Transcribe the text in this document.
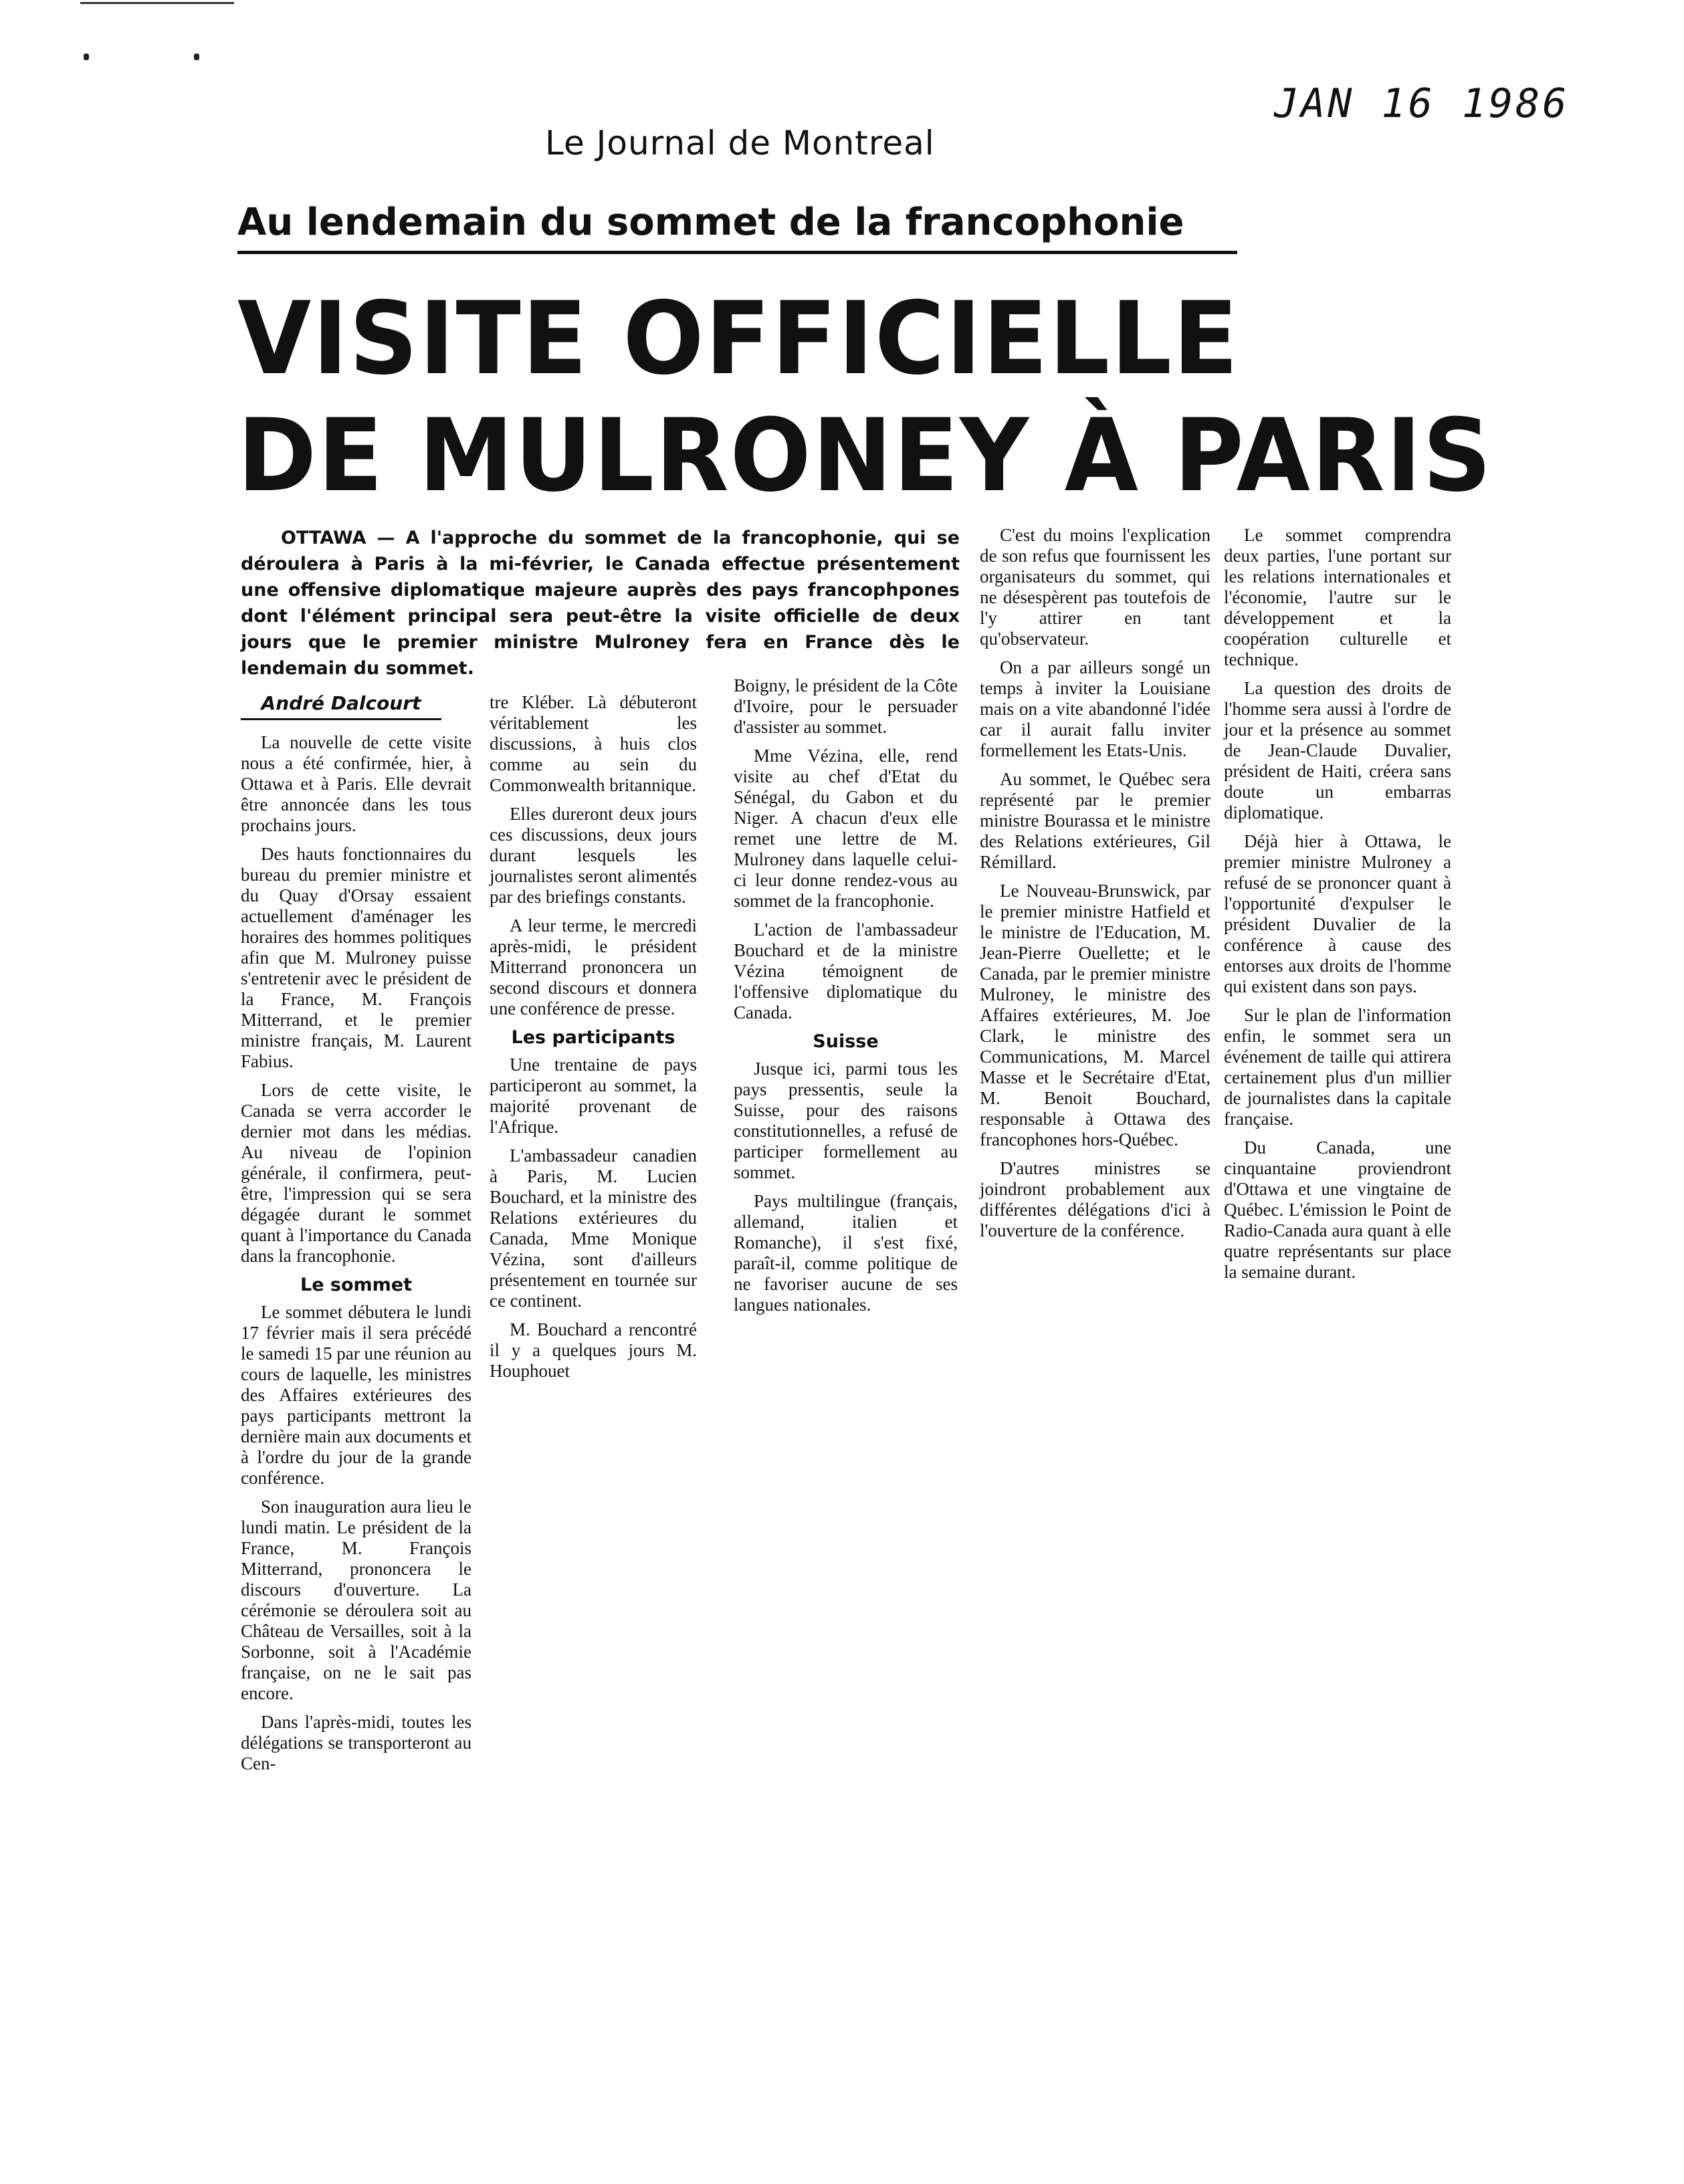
JAN 16 1986
Le Journal de Montreal
Au lendemain du sommet de la francophonie
VISITE OFFICIELLE
DE MULRONEY À PARIS
OTTAWA — A l'approche du sommet de la francophonie, qui se déroulera à Paris à la mi-février, le Canada effectue présentement une offensive diplomatique majeure auprès des pays francophpones dont l'élément principal sera peut-être la visite officielle de deux jours que le premier ministre Mulroney fera en France dès le lendemain du sommet.
André Dalcourt

La nouvelle de cette visite nous a été confirmée, hier, à Ottawa et à Paris. Elle devrait être annoncée dans les tous prochains jours.

Des hauts fonctionnaires du bureau du premier ministre et du Quay d'Orsay essaient actuellement d'aménager les horaires des hommes politiques afin que M. Mulroney puisse s'entretenir avec le président de la France, M. François Mitterrand, et le premier ministre français, M. Laurent Fabius.

Lors de cette visite, le Canada se verra accorder le dernier mot dans les médias. Au niveau de l'opinion générale, il confirmera, peut-être, l'impression qui se sera dégagée durant le sommet quant à l'importance du Canada dans la francophonie.

Le sommet

Le sommet débutera le lundi 17 février mais il sera précédé le samedi 15 par une réunion au cours de laquelle, les ministres des Affaires extérieures des pays participants mettront la dernière main aux documents et à l'ordre du jour de la grande conférence.

Son inauguration aura lieu le lundi matin. Le président de la France, M. François Mitterrand, prononcera le discours d'ouverture. La cérémonie se déroulera soit au Château de Versailles, soit à la Sorbonne, soit à l'Académie française, on ne le sait pas encore.

Dans l'après-midi, toutes les délégations se transporteront au Cen-

tre Kléber. Là débuteront véritablement les discussions, à huis clos comme au sein du Commonwealth britannique.

Elles dureront deux jours ces discussions, deux jours durant lesquels les journalistes seront alimentés par des briefings constants.

A leur terme, le mercredi après-midi, le président Mitterrand prononcera un second discours et donnera une conférence de presse.

Les participants

Une trentaine de pays participeront au sommet, la majorité provenant de l'Afrique.

L'ambassadeur canadien à Paris, M. Lucien Bouchard, et la ministre des Relations extérieures du Canada, Mme Monique Vézina, sont d'ailleurs présentement en tournée sur ce continent.

M. Bouchard a rencontré il y a quelques jours M. Houphouet

Boigny, le président de la Côte d'Ivoire, pour le persuader d'assister au sommet.

Mme Vézina, elle, rend visite au chef d'Etat du Sénégal, du Gabon et du Niger. A chacun d'eux elle remet une lettre de M. Mulroney dans laquelle celui-ci leur donne rendez-vous au sommet de la francophonie.

L'action de l'ambassadeur Bouchard et de la ministre Vézina témoignent de l'offensive diplomatique du Canada.

Suisse

Jusque ici, parmi tous les pays pressentis, seule la Suisse, pour des raisons constitutionnelles, a refusé de participer formellement au sommet.

Pays multilingue (français, allemand, italien et Romanche), il s'est fixé, paraît-il, comme politique de ne favoriser aucune de ses langues nationales.

C'est du moins l'explication de son refus que fournissent les organisateurs du sommet, qui ne désespèrent pas toutefois de l'y attirer en tant qu'observateur.

On a par ailleurs songé un temps à inviter la Louisiane mais on a vite abandonné l'idée car il aurait fallu inviter formellement les Etats-Unis.

Au sommet, le Québec sera représenté par le premier ministre Bourassa et le ministre des Relations extérieures, Gil Rémillard.

Le Nouveau-Brunswick, par le premier ministre Hatfield et le ministre de l'Education, M. Jean-Pierre Ouellette; et le Canada, par le premier ministre Mulroney, le ministre des Affaires extérieures, M. Joe Clark, le ministre des Communications, M. Marcel Masse et le Secrétaire d'Etat, M. Benoit Bouchard, responsable à Ottawa des francophones hors-Québec.

D'autres ministres se joindront probablement aux différentes délégations d'ici à l'ouverture de la conférence.

Le sommet comprendra deux parties, l'une portant sur les relations internationales et l'économie, l'autre sur le développement et la coopération culturelle et technique.

La question des droits de l'homme sera aussi à l'ordre de jour et la présence au sommet de Jean-Claude Duvalier, président de Haiti, créera sans doute un embarras diplomatique.

Déjà hier à Ottawa, le premier ministre Mulroney a refusé de se prononcer quant à l'opportunité d'expulser le président Duvalier de la conférence à cause des entorses aux droits de l'homme qui existent dans son pays.

Sur le plan de l'information enfin, le sommet sera un événement de taille qui attirera certainement plus d'un millier de journalistes dans la capitale française.

Du Canada, une cinquantaine proviendront d'Ottawa et une vingtaine de Québec. L'émission le Point de Radio-Canada aura quant à elle quatre représentants sur place la semaine durant.
